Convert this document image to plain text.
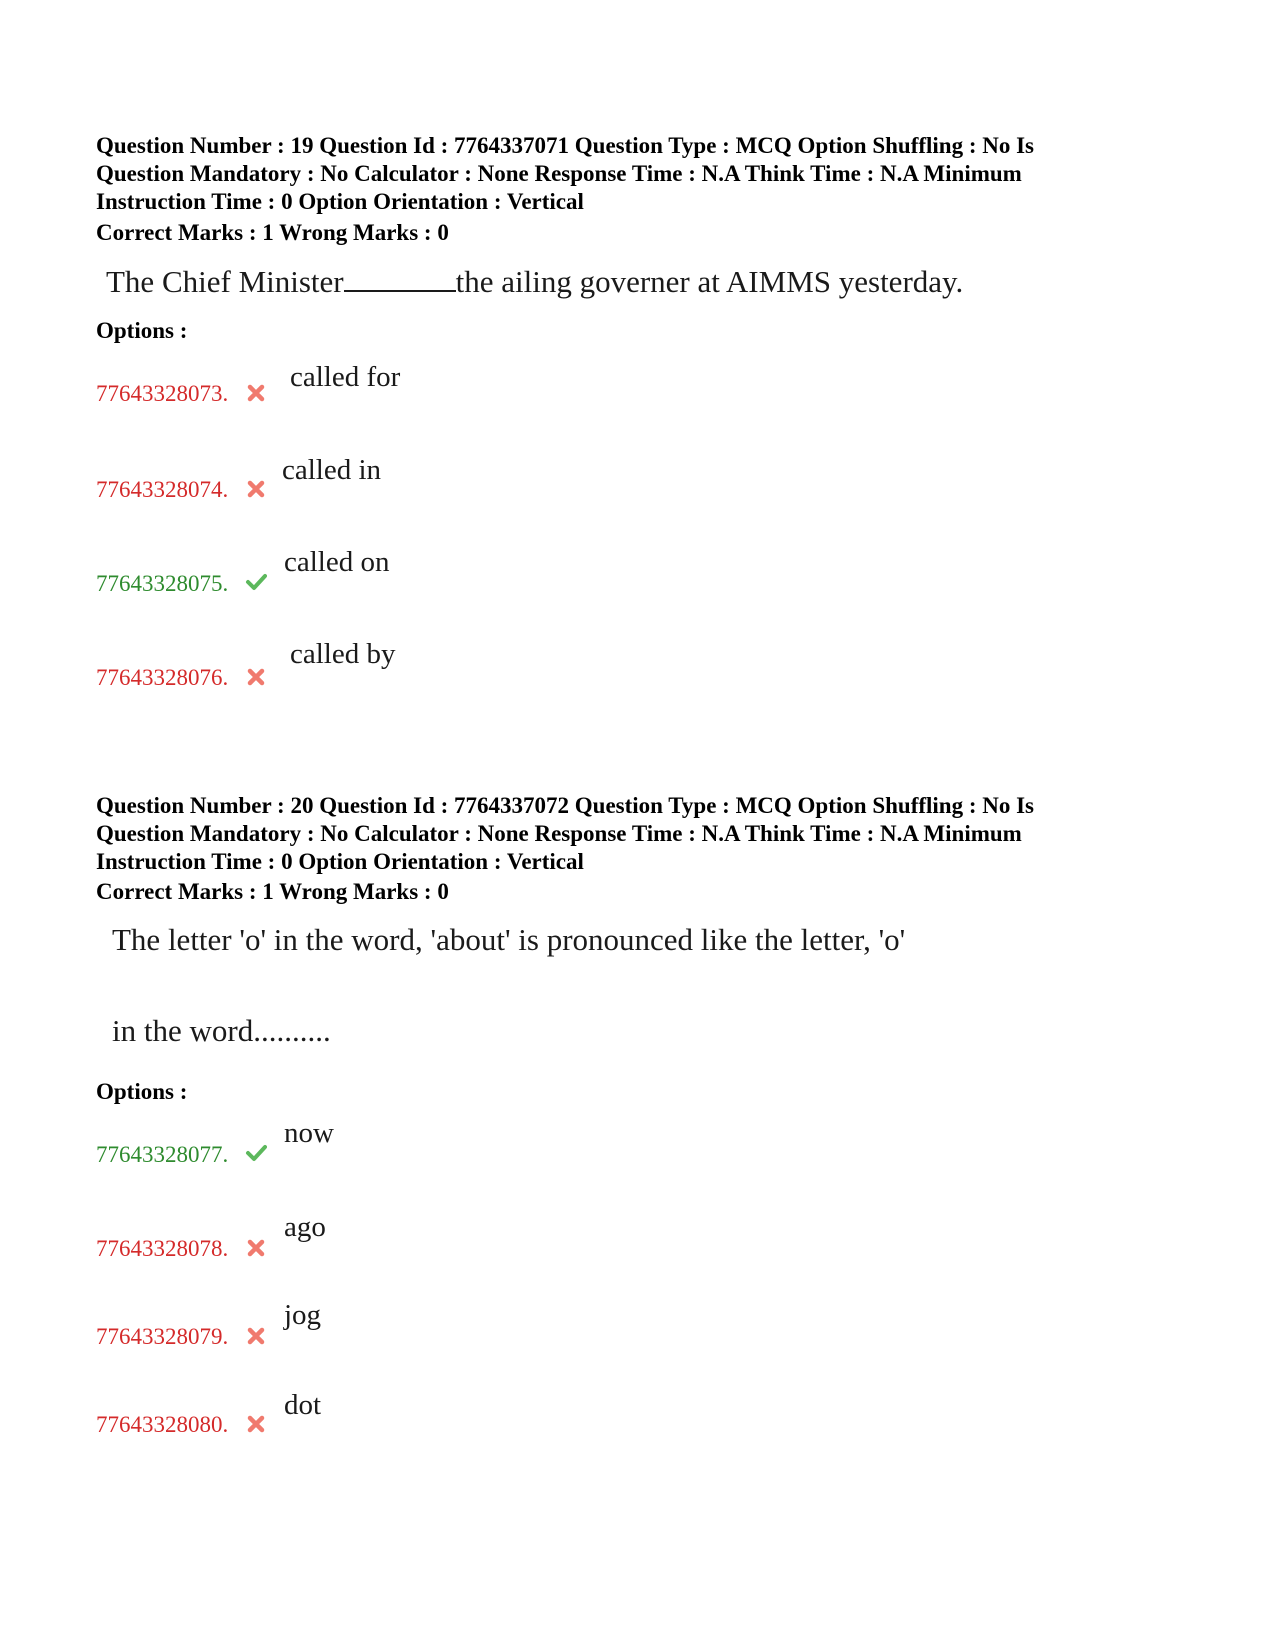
Question Number : 19 Question Id : 7764337071 Question Type : MCQ Option Shuffling : No Is
Question Mandatory : No Calculator : None Response Time : N.A Think Time : N.A Minimum
Instruction Time : 0 Option Orientation : Vertical
Correct Marks : 1 Wrong Marks : 0
The Chief Minister	the ailing governer at AIMMS yesterday.
Options :
77643328073.
called for
77643328074.
called in
77643328075.
called on
77643328076.
called by
Question Number : 20 Question Id : 7764337072 Question Type : MCQ Option Shuffling : No Is
Question Mandatory : No Calculator : None Response Time : N.A Think Time : N.A Minimum
Instruction Time : 0 Option Orientation : Vertical
Correct Marks : 1 Wrong Marks : 0
The letter 'o' in the word, 'about' is pronounced like the letter, 'o'
in the word..........
Options :
77643328077.
now
77643328078.
ago
77643328079.
jog
77643328080.
dot
